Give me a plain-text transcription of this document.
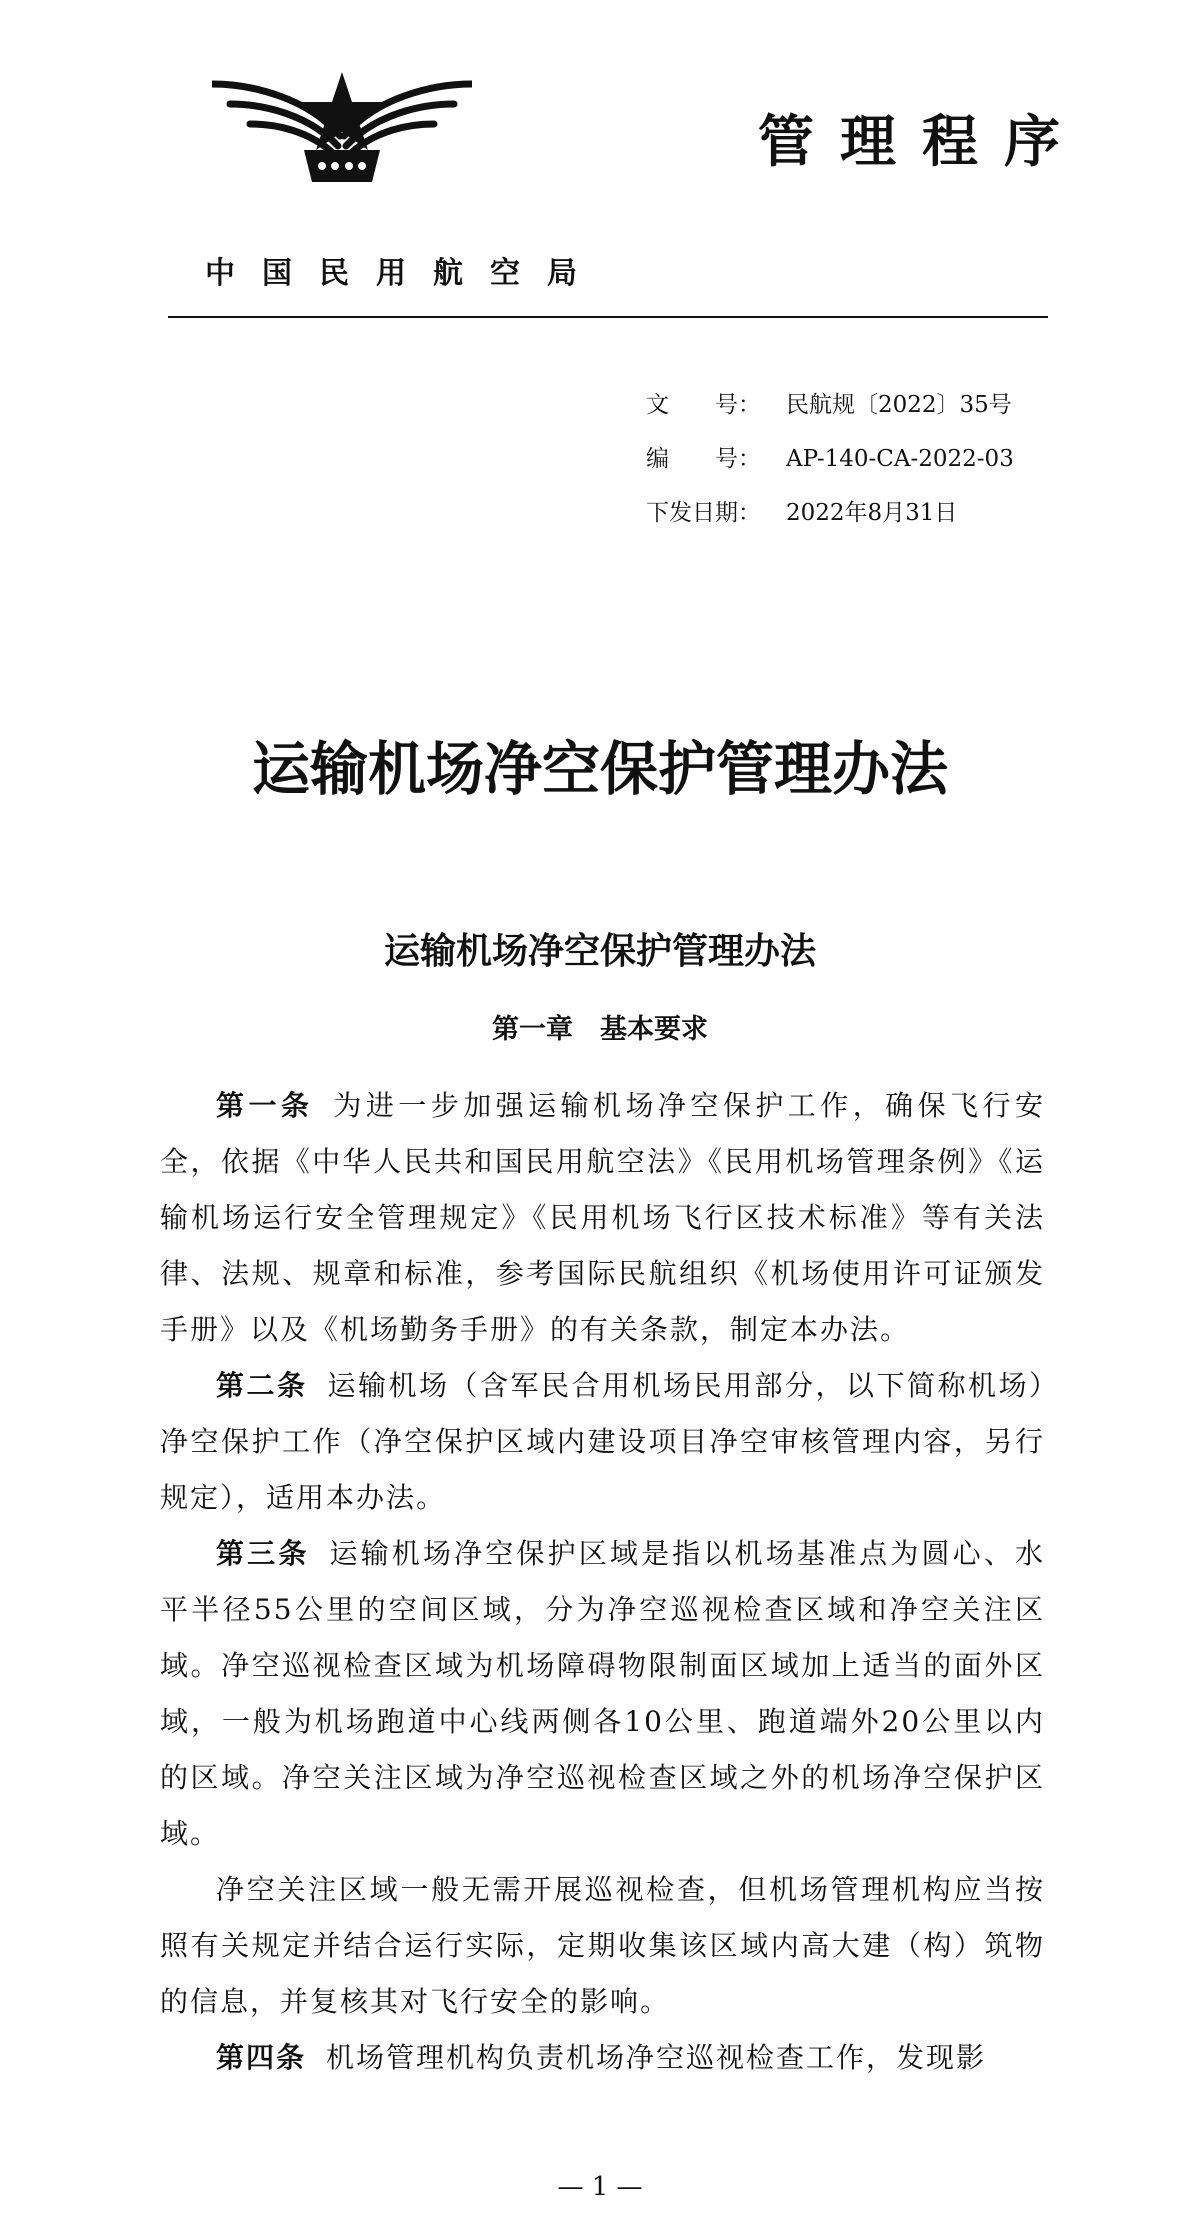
管理程序
中国民用航空局
文　　号： 民航规〔2022〕35号
编　　号： AP-140-CA-2022-03
下发日期： 2022年8月31日
运输机场净空保护管理办法
运输机场净空保护管理办法
第一章　基本要求

第一条 为进一步加强运输机场净空保护工作，确保飞行安全，依据《中华人民共和国民用航空法》《民用机场管理条例》《运输机场运行安全管理规定》《民用机场飞行区技术标准》等有关法律、法规、规章和标准，参考国际民航组织《机场使用许可证颁发手册》以及《机场勤务手册》的有关条款，制定本办法。

第二条 运输机场（含军民合用机场民用部分，以下简称机场）净空保护工作（净空保护区域内建设项目净空审核管理内容，另行规定），适用本办法。

第三条 运输机场净空保护区域是指以机场基准点为圆心、水平半径55公里的空间区域，分为净空巡视检查区域和净空关注区域。净空巡视检查区域为机场障碍物限制面区域加上适当的面外区域，一般为机场跑道中心线两侧各10公里、跑道端外20公里以内的区域。净空关注区域为净空巡视检查区域之外的机场净空保护区域。

净空关注区域一般无需开展巡视检查，但机场管理机构应当按照有关规定并结合运行实际，定期收集该区域内高大建（构）筑物的信息，并复核其对飞行安全的影响。

第四条 机场管理机构负责机场净空巡视检查工作，发现影

— 1 —
